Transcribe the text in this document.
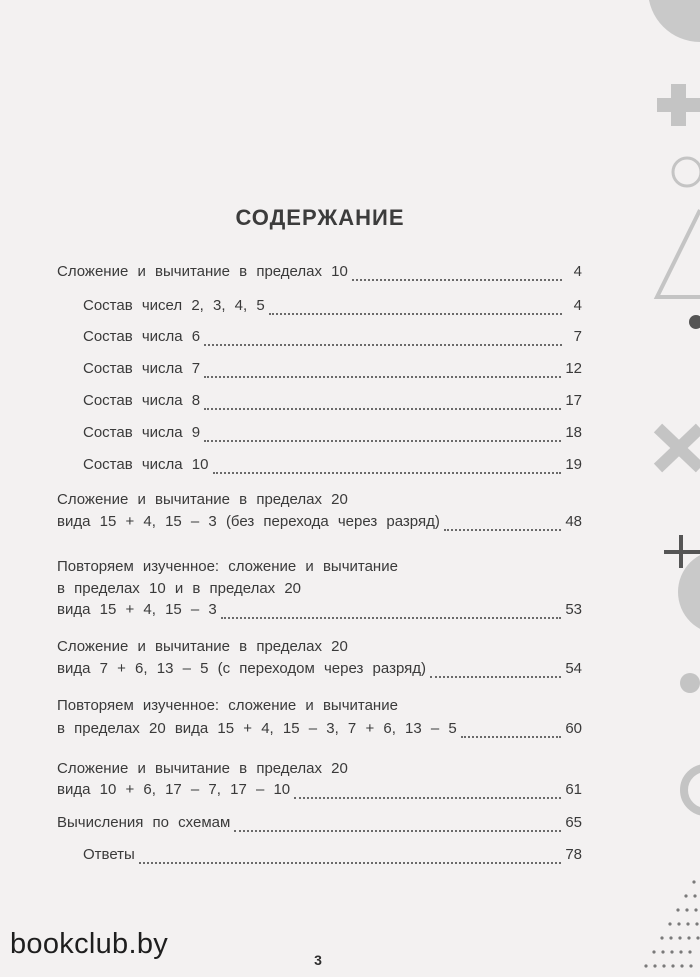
СОДЕРЖАНИЕ
Сложение и вычитание в пределах 10	4
Состав чисел 2, 3, 4, 5	4
Состав числа 6	7
Состав числа 7	12
Состав числа 8	17
Состав числа 9	18
Состав числа 10	19
Сложение и вычитание в пределах 20
вида 15 + 4, 15 – 3 (без перехода через разряд)	48
Повторяем изученное: сложение и вычитание
в пределах 10 и в пределах 20
вида 15 + 4, 15 – 3	53
Сложение и вычитание в пределах 20
вида 7 + 6, 13 – 5 (с переходом через разряд)	54
Повторяем изученное: сложение и вычитание
в пределах 20 вида 15 + 4, 15 – 3, 7 + 6, 13 – 5	60
Сложение и вычитание в пределах 20
вида 10 + 6, 17 – 7, 17 – 10	61
Вычисления по схемам	65
Ответы	78
bookclub.by	3
